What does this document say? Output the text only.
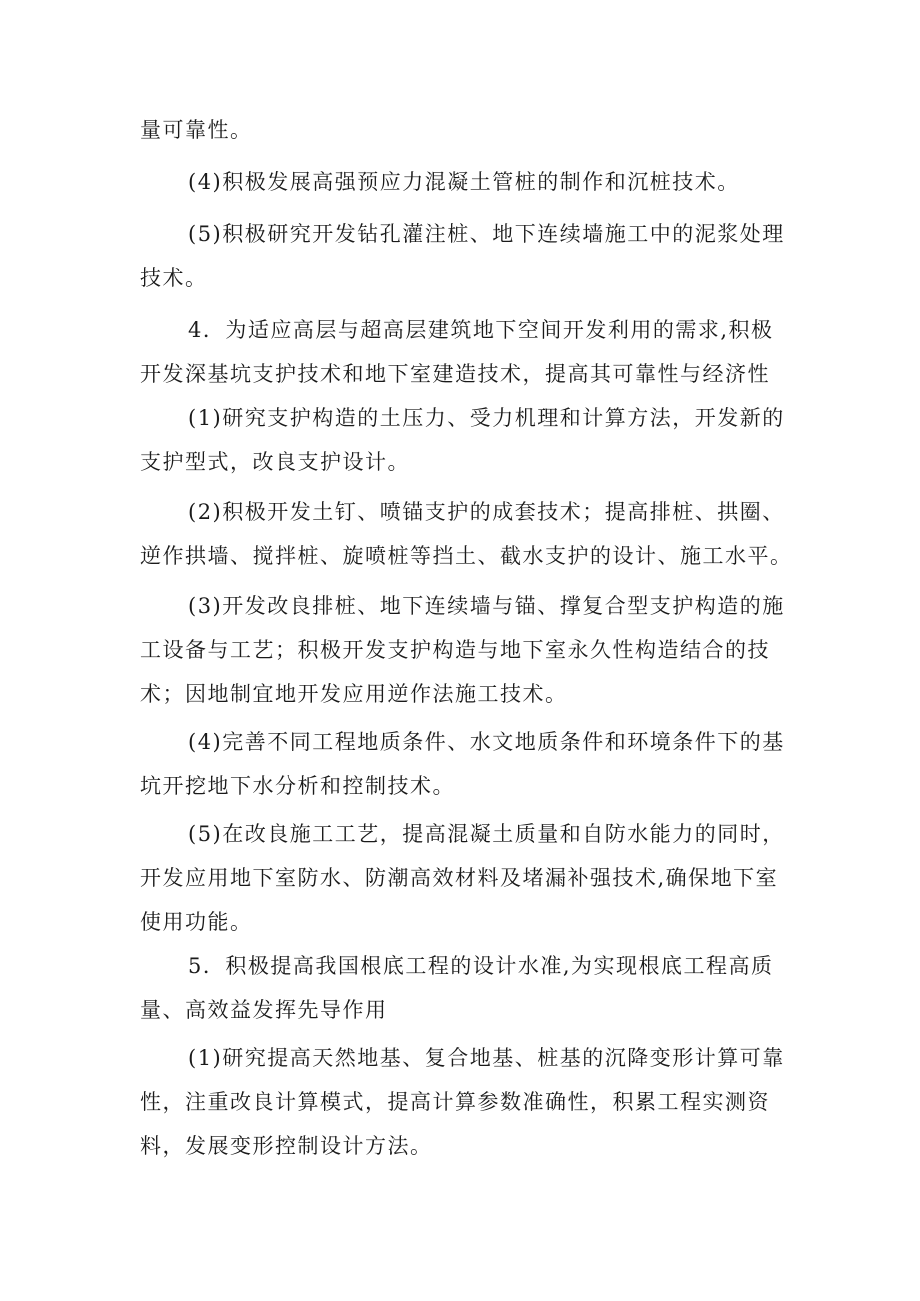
量可靠性。
(4)积极发展高强预应力混凝土管桩的制作和沉桩技术。
(5)积极研究开发钻孔灌注桩、地下连续墙施工中的泥浆处理
技术。
4．为适应高层与超高层建筑地下空间开发利用的需求,积极
开发深基坑支护技术和地下室建造技术，提高其可靠性与经济性
(1)研究支护构造的土压力、受力机理和计算方法，开发新的
支护型式，改良支护设计。
(2)积极开发土钉、喷锚支护的成套技术；提高排桩、拱圈、
逆作拱墙、搅拌桩、旋喷桩等挡土、截水支护的设计、施工水平。
(3)开发改良排桩、地下连续墙与锚、撑复合型支护构造的施
工设备与工艺；积极开发支护构造与地下室永久性构造结合的技
术；因地制宜地开发应用逆作法施工技术。
(4)完善不同工程地质条件、水文地质条件和环境条件下的基
坑开挖地下水分析和控制技术。
(5)在改良施工工艺，提高混凝土质量和自防水能力的同时，
开发应用地下室防水、防潮高效材料及堵漏补强技术,确保地下室
使用功能。
5．积极提高我国根底工程的设计水准,为实现根底工程高质
量、高效益发挥先导作用
(1)研究提高天然地基、复合地基、桩基的沉降变形计算可靠
性，注重改良计算模式，提高计算参数准确性，积累工程实测资
料，发展变形控制设计方法。
